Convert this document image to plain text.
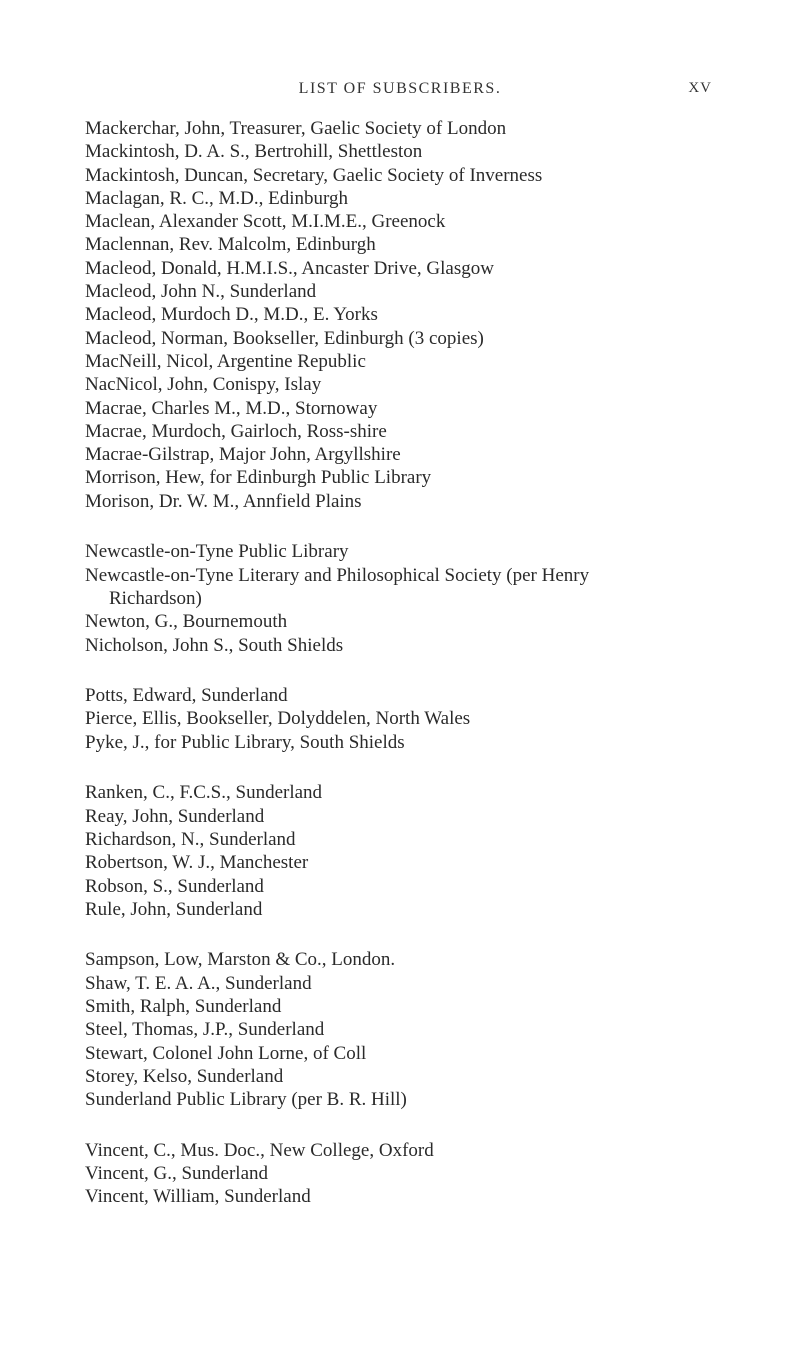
LIST OF SUBSCRIBERS.	XV
Mackerchar, John, Treasurer, Gaelic Society of London
Mackintosh, D. A. S., Bertrohill, Shettleston
Mackintosh, Duncan, Secretary, Gaelic Society of Inverness
Maclagan, R. C., M.D., Edinburgh
Maclean, Alexander Scott, M.I.M.E., Greenock
Maclennan, Rev. Malcolm, Edinburgh
Macleod, Donald, H.M.I.S., Ancaster Drive, Glasgow
Macleod, John N., Sunderland
Macleod, Murdoch D., M.D., E. Yorks
Macleod, Norman, Bookseller, Edinburgh (3 copies)
MacNeill, Nicol, Argentine Republic
NacNicol, John, Conispy, Islay
Macrae, Charles M., M.D., Stornoway
Macrae, Murdoch, Gairloch, Ross-shire
Macrae-Gilstrap, Major John, Argyllshire
Morrison, Hew, for Edinburgh Public Library
Morison, Dr. W. M., Annfield Plains
Newcastle-on-Tyne Public Library
Newcastle-on-Tyne Literary and Philosophical Society (per Henry
Richardson)
Newton, G., Bournemouth
Nicholson, John S., South Shields
Potts, Edward, Sunderland
Pierce, Ellis, Bookseller, Dolyddelen, North Wales
Pyke, J., for Public Library, South Shields
Ranken, C., F.C.S., Sunderland
Reay, John, Sunderland
Richardson, N., Sunderland
Robertson, W. J., Manchester
Robson, S., Sunderland
Rule, John, Sunderland
Sampson, Low, Marston & Co., London.
Shaw, T. E. A. A., Sunderland
Smith, Ralph, Sunderland
Steel, Thomas, J.P., Sunderland
Stewart, Colonel John Lorne, of Coll
Storey, Kelso, Sunderland
Sunderland Public Library (per B. R. Hill)
Vincent, C., Mus. Doc., New College, Oxford
Vincent, G., Sunderland
Vincent, William, Sunderland
